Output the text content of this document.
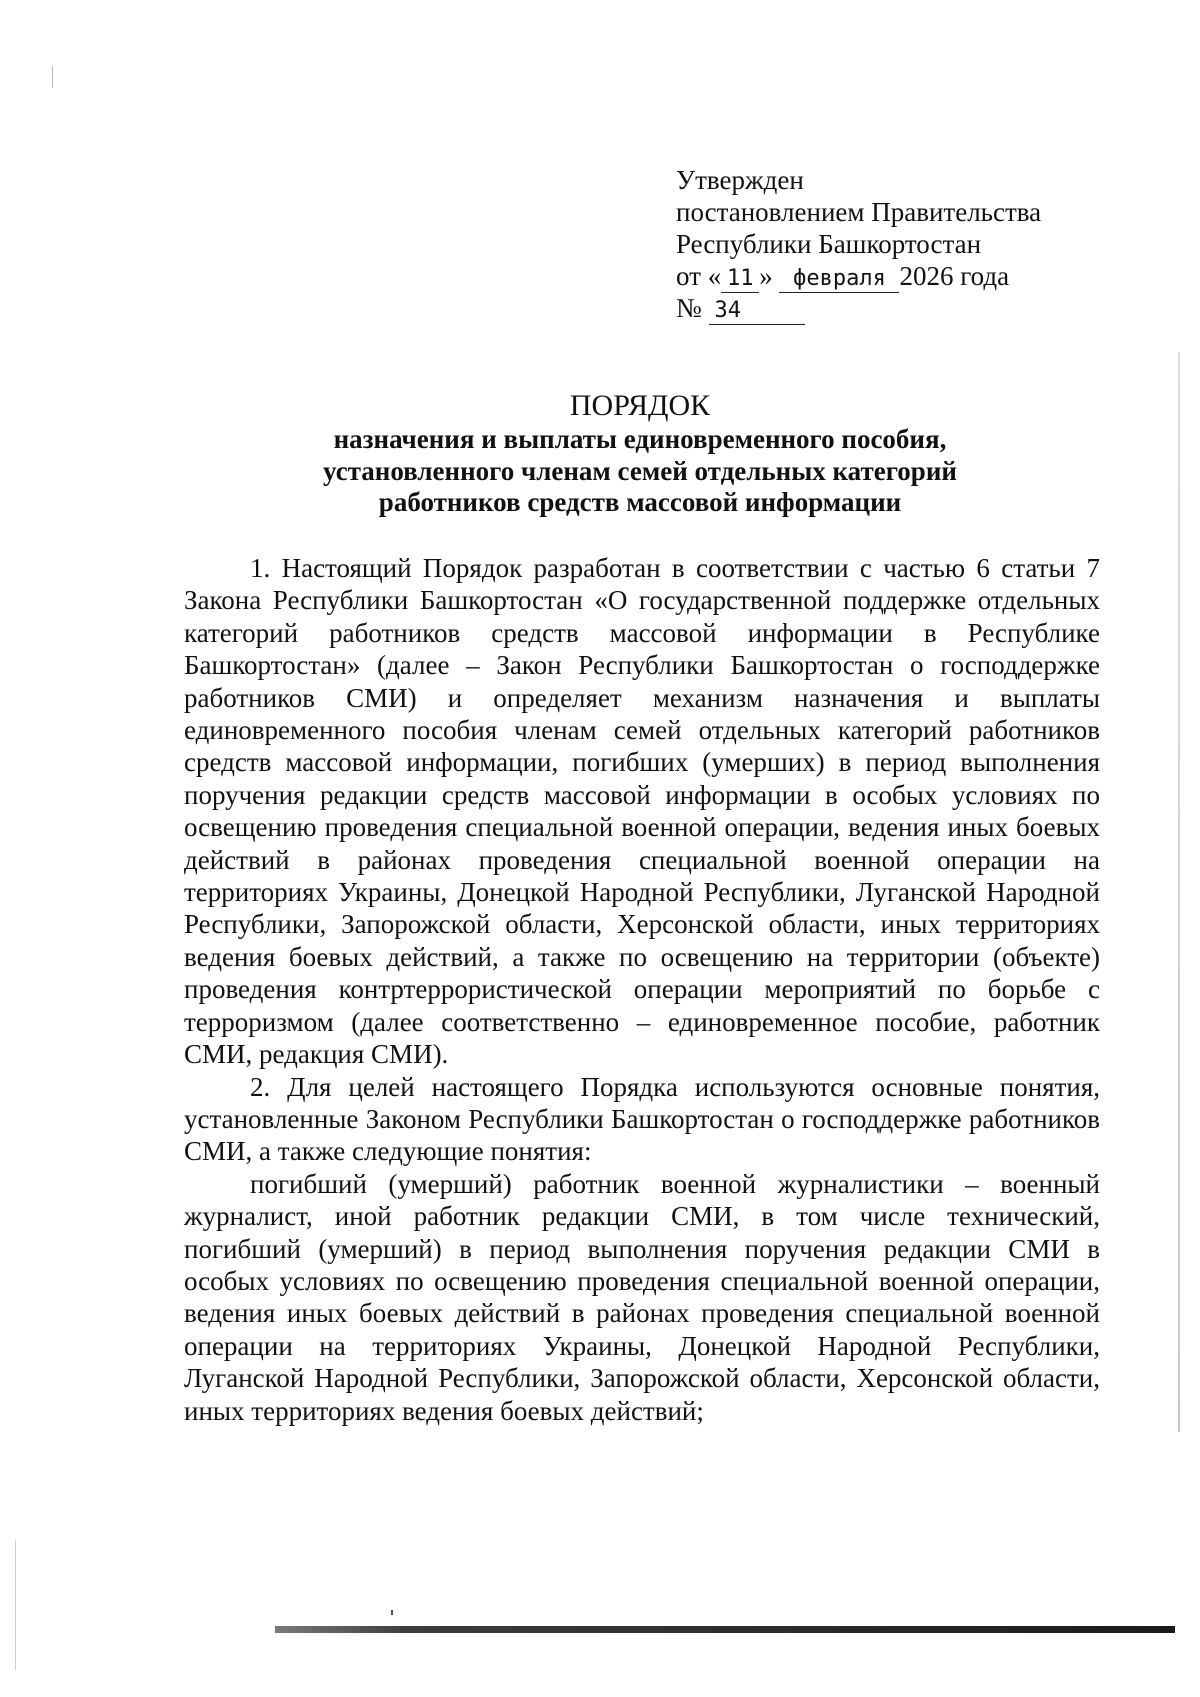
Утвержден
постановлением Правительства
Республики Башкортостан
от « 11 » февраля 2026 года
№ 34
ПОРЯДОК

назначения и выплаты единовременного пособия,
установленного членам семей отдельных категорий
работников средств массовой информации

1. Настоящий Порядок разработан в соответствии с частью 6 статьи 7 Закона Республики Башкортостан «О государственной поддержке отдельных категорий работников средств массовой информации в Республике Башкортостан» (далее – Закон Республики Башкортостан о господдержке работников СМИ) и определяет механизм назначения и выплаты единовременного пособия членам семей отдельных категорий работников средств массовой информации, погибших (умерших) в период выполнения поручения редакции средств массовой информации в особых условиях по освещению проведения специальной военной операции, ведения иных боевых действий в районах проведения специальной военной операции на территориях Украины, Донецкой Народной Республики, Луганской Народной Республики, Запорожской области, Херсонской области, иных территориях ведения боевых действий, а также по освещению на территории (объекте) проведения контртеррористической операции мероприятий по борьбе с терроризмом (далее соответственно – единовременное пособие, работник СМИ, редакция СМИ).

2. Для целей настоящего Порядка используются основные понятия, установленные Законом Республики Башкортостан о господдержке работников СМИ, а также следующие понятия:

погибший (умерший) работник военной журналистики – военный журналист, иной работник редакции СМИ, в том числе технический, погибший (умерший) в период выполнения поручения редакции СМИ в особых условиях по освещению проведения специальной военной операции, ведения иных боевых действий в районах проведения специальной военной операции на территориях Украины, Донецкой Народной Республики, Луганской Народной Республики, Запорожской области, Херсонской области, иных территориях ведения боевых действий;
